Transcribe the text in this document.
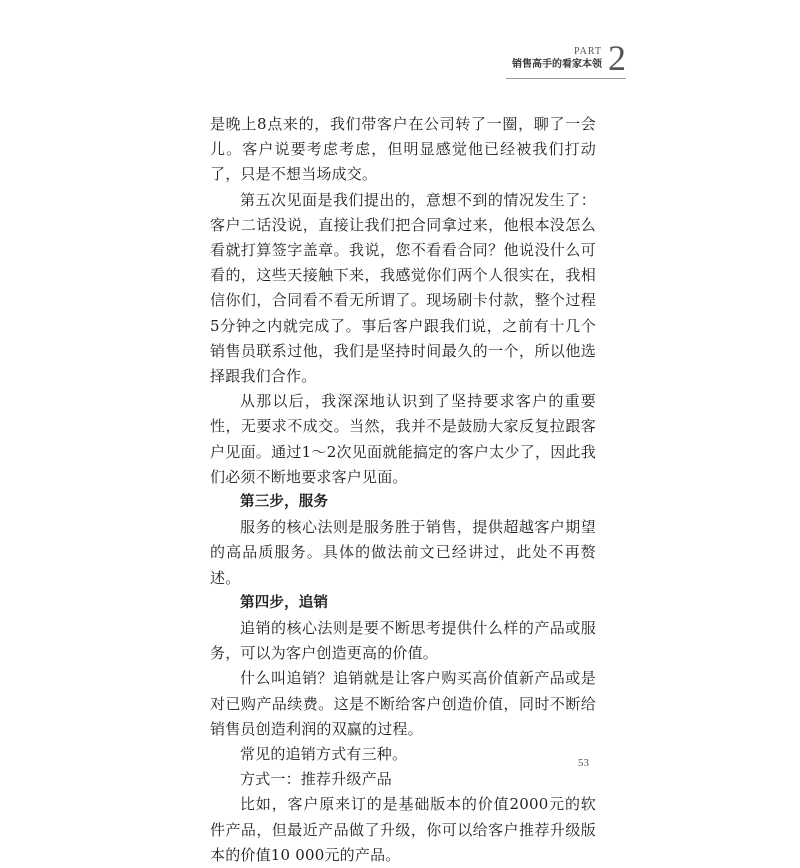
PART
销售高手的看家本领 2

是晚上8点来的，我们带客户在公司转了一圈，聊了一会儿。客户说要考虑考虑，但明显感觉他已经被我们打动了，只是不想当场成交。

第五次见面是我们提出的，意想不到的情况发生了：客户二话没说，直接让我们把合同拿过来，他根本没怎么看就打算签字盖章。我说，您不看看合同？他说没什么可看的，这些天接触下来，我感觉你们两个人很实在，我相信你们，合同看不看无所谓了。现场刷卡付款，整个过程5分钟之内就完成了。事后客户跟我们说，之前有十几个销售员联系过他，我们是坚持时间最久的一个，所以他选择跟我们合作。

从那以后，我深深地认识到了坚持要求客户的重要性，无要求不成交。当然，我并不是鼓励大家反复拉跟客户见面。通过1～2次见面就能搞定的客户太少了，因此我们必须不断地要求客户见面。

第三步，服务

服务的核心法则是服务胜于销售，提供超越客户期望的高品质服务。具体的做法前文已经讲过，此处不再赘述。

第四步，追销

追销的核心法则是要不断思考提供什么样的产品或服务，可以为客户创造更高的价值。

什么叫追销？追销就是让客户购买高价值新产品或是对已购产品续费。这是不断给客户创造价值，同时不断给销售员创造利润的双赢的过程。

常见的追销方式有三种。

方式一：推荐升级产品

比如，客户原来订的是基础版本的价值2000元的软件产品，但最近产品做了升级，你可以给客户推荐升级版本的价值10 000元的产品。

53
